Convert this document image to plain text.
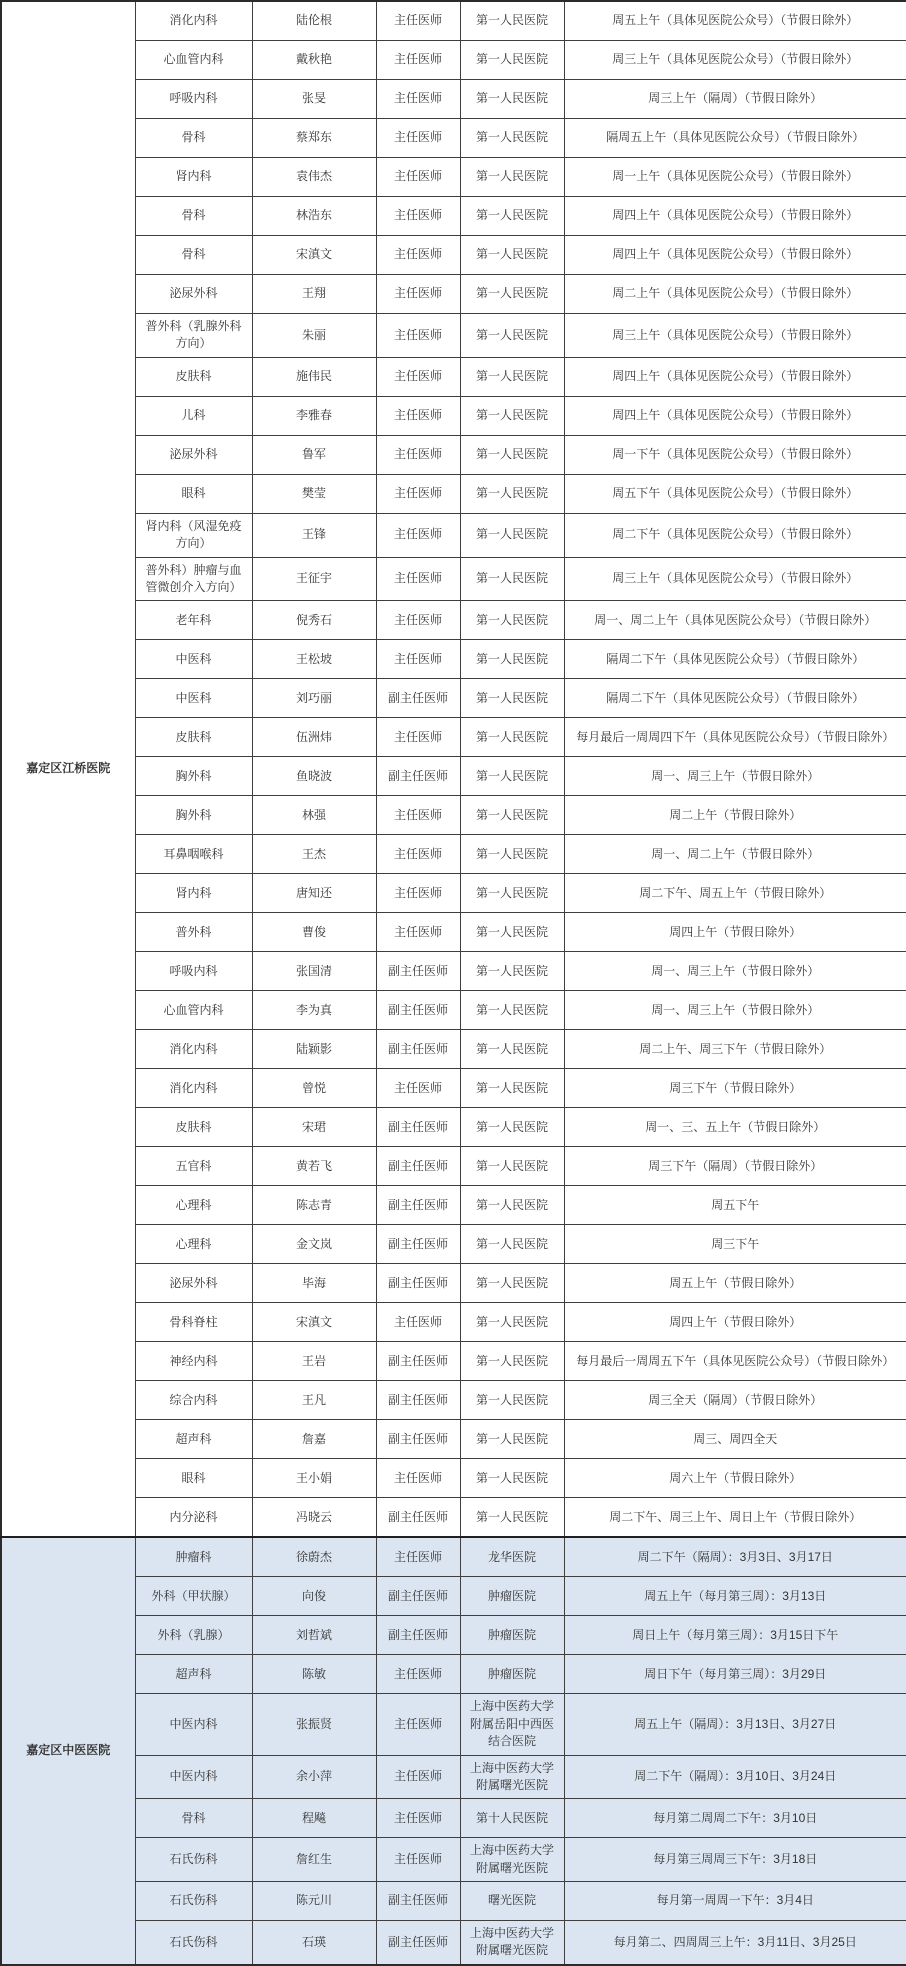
嘉定区江桥医院	消化内科	陆伦根	主任医师	第一人民医院	周五上午（具体见医院公众号）（节假日除外）
	心血管内科	戴秋艳	主任医师	第一人民医院	周三上午（具体见医院公众号）（节假日除外）
	呼吸内科	张旻	主任医师	第一人民医院	周三上午（隔周）（节假日除外）
	骨科	蔡郑东	主任医师	第一人民医院	隔周五上午（具体见医院公众号）（节假日除外）
	肾内科	袁伟杰	主任医师	第一人民医院	周一上午（具体见医院公众号）（节假日除外）
	骨科	林浩东	主任医师	第一人民医院	周四上午（具体见医院公众号）（节假日除外）
	骨科	宋滇文	主任医师	第一人民医院	周四上午（具体见医院公众号）（节假日除外）
	泌尿外科	王翔	主任医师	第一人民医院	周二上午（具体见医院公众号）（节假日除外）
	普外科（乳腺外科方向）	朱丽	主任医师	第一人民医院	周三上午（具体见医院公众号）（节假日除外）
	皮肤科	施伟民	主任医师	第一人民医院	周四上午（具体见医院公众号）（节假日除外）
	儿科	李雅春	主任医师	第一人民医院	周四上午（具体见医院公众号）（节假日除外）
	泌尿外科	鲁军	主任医师	第一人民医院	周一下午（具体见医院公众号）（节假日除外）
	眼科	樊莹	主任医师	第一人民医院	周五下午（具体见医院公众号）（节假日除外）
	肾内科（风湿免疫方向）	王锋	主任医师	第一人民医院	周二下午（具体见医院公众号）（节假日除外）
	普外科）肿瘤与血管微创介入方向）	王征宇	主任医师	第一人民医院	周三上午（具体见医院公众号）（节假日除外）
	老年科	倪秀石	主任医师	第一人民医院	周一、周二上午（具体见医院公众号）（节假日除外）
	中医科	王松坡	主任医师	第一人民医院	隔周二下午（具体见医院公众号）（节假日除外）
	中医科	刘巧丽	副主任医师	第一人民医院	隔周二下午（具体见医院公众号）（节假日除外）
	皮肤科	伍洲炜	主任医师	第一人民医院	每月最后一周周四下午（具体见医院公众号）（节假日除外）
	胸外科	鱼晓波	副主任医师	第一人民医院	周一、周三上午（节假日除外）
	胸外科	林强	主任医师	第一人民医院	周二上午（节假日除外）
	耳鼻咽喉科	王杰	主任医师	第一人民医院	周一、周二上午（节假日除外）
	肾内科	唐知还	主任医师	第一人民医院	周二下午、周五上午（节假日除外）
	普外科	曹俊	主任医师	第一人民医院	周四上午（节假日除外）
	呼吸内科	张国清	副主任医师	第一人民医院	周一、周三上午（节假日除外）
	心血管内科	李为真	副主任医师	第一人民医院	周一、周三上午（节假日除外）
	消化内科	陆颖影	副主任医师	第一人民医院	周二上午、周三下午（节假日除外）
	消化内科	曾悦	主任医师	第一人民医院	周三下午（节假日除外）
	皮肤科	宋珺	副主任医师	第一人民医院	周一、三、五上午（节假日除外）
	五官科	黄若飞	副主任医师	第一人民医院	周三下午（隔周）（节假日除外）
	心理科	陈志青	副主任医师	第一人民医院	周五下午
	心理科	金文岚	副主任医师	第一人民医院	周三下午
	泌尿外科	毕海	副主任医师	第一人民医院	周五上午（节假日除外）
	骨科脊柱	宋滇文	主任医师	第一人民医院	周四上午（节假日除外）
	神经内科	王岩	副主任医师	第一人民医院	每月最后一周周五下午（具体见医院公众号）（节假日除外）
	综合内科	王凡	副主任医师	第一人民医院	周三全天（隔周）（节假日除外）
	超声科	詹嘉	副主任医师	第一人民医院	周三、周四全天
	眼科	王小娟	主任医师	第一人民医院	周六上午（节假日除外）
	内分泌科	冯晓云	副主任医师	第一人民医院	周二下午、周三上午、周日上午（节假日除外）
嘉定区中医医院	肿瘤科	徐蔚杰	主任医师	龙华医院	周二下午（隔周）：3月3日、3月17日
	外科（甲状腺）	向俊	副主任医师	肿瘤医院	周五上午（每月第三周）：3月13日
	外科（乳腺）	刘哲斌	副主任医师	肿瘤医院	周日上午（每月第三周）：3月15日下午
	超声科	陈敏	主任医师	肿瘤医院	周日下午（每月第三周）：3月29日
	中医内科	张振贤	主任医师	上海中医药大学附属岳阳中西医结合医院	周五上午（隔周）：3月13日、3月27日
	中医内科	余小萍	主任医师	上海中医药大学附属曙光医院	周二下午（隔周）：3月10日、3月24日
	骨科	程飚	主任医师	第十人民医院	每月第二周周二下午：3月10日
	石氏伤科	詹红生	主任医师	上海中医药大学附属曙光医院	每月第三周周三下午：3月18日
	石氏伤科	陈元川	副主任医师	曙光医院	每月第一周周一下午：3月4日
	石氏伤科	石瑛	副主任医师	上海中医药大学附属曙光医院	每月第二、四周周三上午：3月11日、3月25日
